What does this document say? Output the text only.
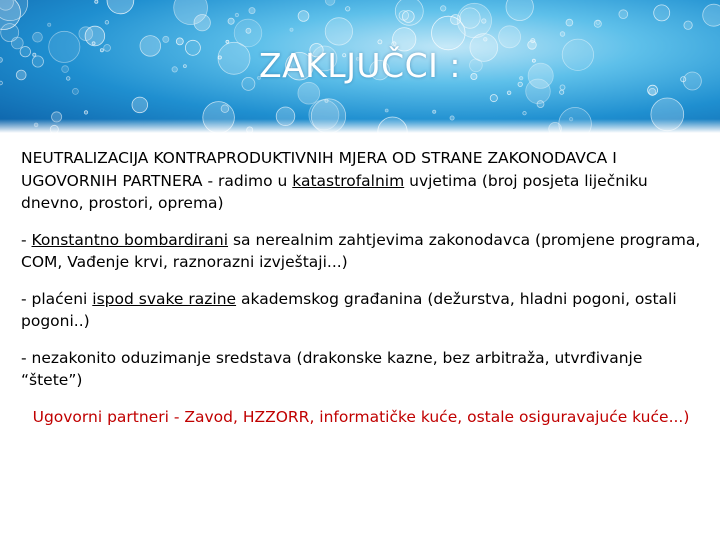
ZAKLJUČCI :

NEUTRALIZACIJA KONTRAPRODUKTIVNIH MJERA OD STRANE ZAKONODAVCA I UGOVORNIH PARTNERA - radimo u katastrofalnim uvjetima (broj posjeta liječniku dnevno, prostori, oprema)

- Konstantno bombardirani sa nerealnim zahtjevima zakonodavca (promjene programa, COM, Vađenje krvi, raznorazni izvještaji...)

- plaćeni ispod svake razine akademskog građanina (dežurstva, hladni pogoni, ostali pogoni..)

- nezakonito oduzimanje sredstava (drakonske kazne, bez arbitraža, utvrđivanje “štete”)

Ugovorni partneri - Zavod, HZZORR, informatičke kuće, ostale osiguravajuće kuće...)
